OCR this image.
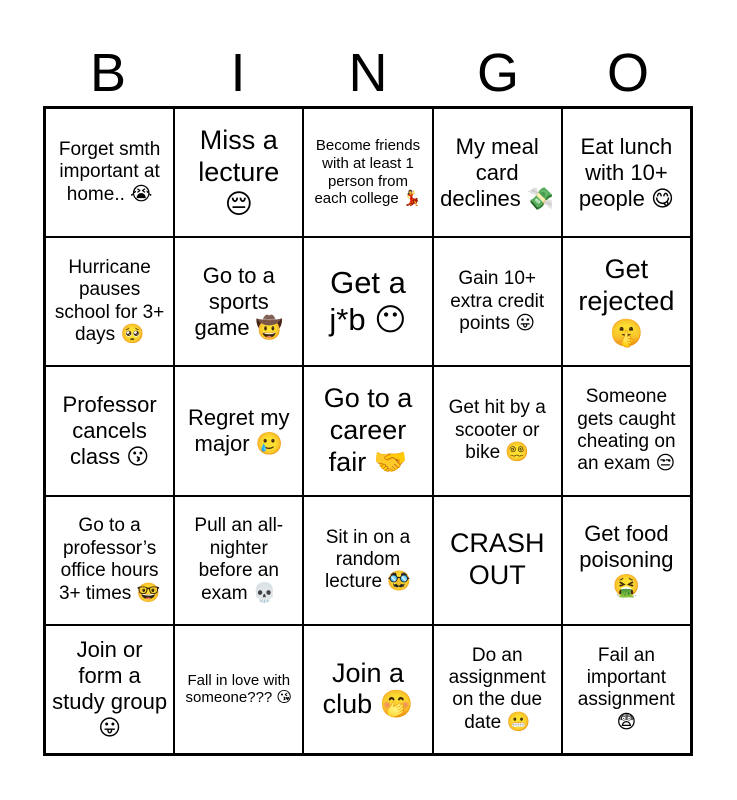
B	I	N	G	O
Forget smth important at home.. 😭
Miss a lecture 😔
Become friends with at least 1 person from each college 💃
My meal card declines 💸
Eat lunch with 10+ people 😋
Hurricane pauses school for 3+ days 🥺
Go to a sports game 🤠
Get a j*b 😶
Gain 10+ extra credit points 😛
Get rejected 🤫
Professor cancels class 😗
Regret my major 🥲
Go to a career fair 🤝
Get hit by a scooter or bike 😵‍💫
Someone gets caught cheating on an exam 😒
Go to a professor’s office hours 3+ times 🤓
Pull an all-nighter before an exam 💀
Sit in on a random lecture 🥸
CRASH OUT
Get food poisoning 🤮
Join or form a study group 😛
Fall in love with someone??? 😘
Join a club 🤭
Do an assignment on the due date 😬
Fail an important assignment 😨
